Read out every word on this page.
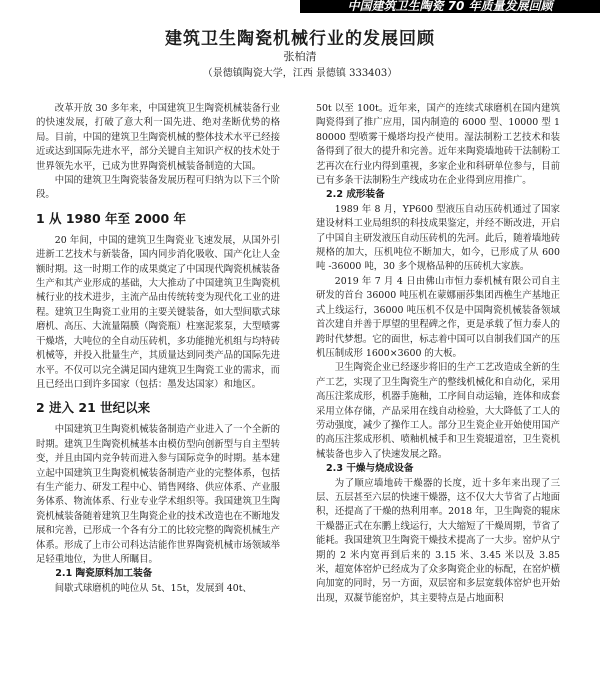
中国建筑卫生陶瓷 70 年质量发展回顾
建筑卫生陶瓷机械行业的发展回顾
张柏清
（景德镇陶瓷大学，江西 景德镇 333403）

改革开放 30 多年来，中国建筑卫生陶瓷机械装备行业的快速发展，打破了意大利一国先进、绝对垄断优势的格局。目前，中国的建筑卫生陶瓷机械的整体技术水平已经接近或达到国际先进水平，部分关键自主知识产权的技术处于世界领先水平，已成为世界陶瓷机械装备制造的大国。

中国的建筑卫生陶瓷装备发展历程可归纳为以下三个阶段。

1 从 1980 年至 2000 年

20 年间，中国的建筑卫生陶瓷业飞速发展，从国外引进新工艺技术与新装备，国内同步消化吸收、国产化让人金额时期。这一时期工作的成果奠定了中国现代陶瓷机械装备生产和其产业形成的基础，大大推动了中国建筑卫生陶瓷机械行业的技术进步，主流产品由传统转变为现代化工业的进程。建筑卫生陶瓷工业用的主要关键装备，如大型间歇式球磨机、高压、大流量隔膜（陶瓷瓶）柱塞泥浆泵，大型喷雾干燥塔，大吨位的全自动压砖机，多功能抛光机组与均特砖机械等，并投入批量生产，其质量达到同类产品的国际先进水平。不仅可以完全满足国内建筑卫生陶瓷工业的需求，而且已经出口到许多国家（包括：墨发达国家）和地区。

2 进入 21 世纪以来

中国建筑卫生陶瓷机械装备制造产业进入了一个全新的时期。建筑卫生陶瓷机械基本由模仿型向创新型与自主型转变，并且由国内竞争转而进入参与国际竞争的时期。基本建立起中国建筑卫生陶瓷机械装备制造产业的完整体系，包括有生产能力、研发工程中心、销售网络、供应体系、产业服务体系、物流体系、行业专业学术组织等。我国建筑卫生陶瓷机械装备随着建筑卫生陶瓷企业的技术改造也在不断地发展和完善，已形成一个各有分工的比较完整的陶瓷机械生产体系。形成了上市公司科达洁能作世界陶瓷机械市场领域举足轻重地位，为世人所瞩目。

2.1 陶瓷原料加工装备

间歇式球磨机的吨位从 5t、15t，发展到 40t、

50t 以至 100t。近年来，国产的连续式球磨机在国内建筑陶瓷得到了推广应用，国内制造的 6000 型、10000 型 180000 型喷雾干燥塔均投产使用。湿法制粉工艺技术和装备得到了很大的提升和完善。近年来陶瓷墙地砖干法制粉工艺再次在行业内得到重视，多家企业和科研单位参与，目前已有多条干法制粉生产线成功在企业得到应用推广。

2.2 成形装备

1989 年 8 月，YP600 型液压自动压砖机通过了国家建设材料工业局组织的科技成果鉴定，并经不断改进，开启了中国自主研发液压自动压砖机的先河。此后，随着墙地砖规格的加大，压机吨位不断加大，如今，已形成了从 600 吨 -36000 吨，30 多个规格品种的压砖机大家族。

2019 年 7 月 4 日由佛山市恒力泰机械有限公司自主研发的首台 36000 吨压机在蒙娜丽莎集团西樵生产基地正式上线运行，36000 吨压机不仅是中国陶瓷机械装备领域首次建自并善于厚望的里程碑之作，更是承载了恒力泰人的跨时代梦想。它的面世，标志着中国可以自制我们国产的压机压制成形 1600×3600 的大板。

卫生陶瓷企业已经逐步将旧的生产工艺改造成全新的生产工艺，实现了卫生陶瓷生产的整线机械化和自动化，采用高压注浆成形，机器手施釉，工序间自动运输，连体和成套采用立体存储，产品采用在线自动检验，大大降低了工人的劳动强度，减少了操作工人。部分卫生瓷企业开始使用国产的高压注浆成形机、喷釉机械手和卫生瓷辊道窑，卫生瓷机械装备也步入了快速发展之路。

2.3 干燥与烧成设备

为了顺应墙地砖干燥器的长度，近十多年来出现了三层、五层甚至六层的快速干燥器，这不仅大大节省了占地面积，还提高了干燥的热利用率。2018 年，卫生陶瓷的辊床干燥器正式在东鹏上线运行，大大缩短了干燥周期，节省了能耗。我国建筑卫生陶瓷干燥技术提高了一大步。窑炉从宁期的 2 米内宽再到后来的 3.15 米、3.45 米以及 3.85 米，超宽体窑炉已经成为了众多陶瓷企业的标配，在窑炉横向加宽的同时，另一方面，双层窑和多层宽载体窑炉也开始出现，双凝节能窑炉，其主要特点是占地面积
